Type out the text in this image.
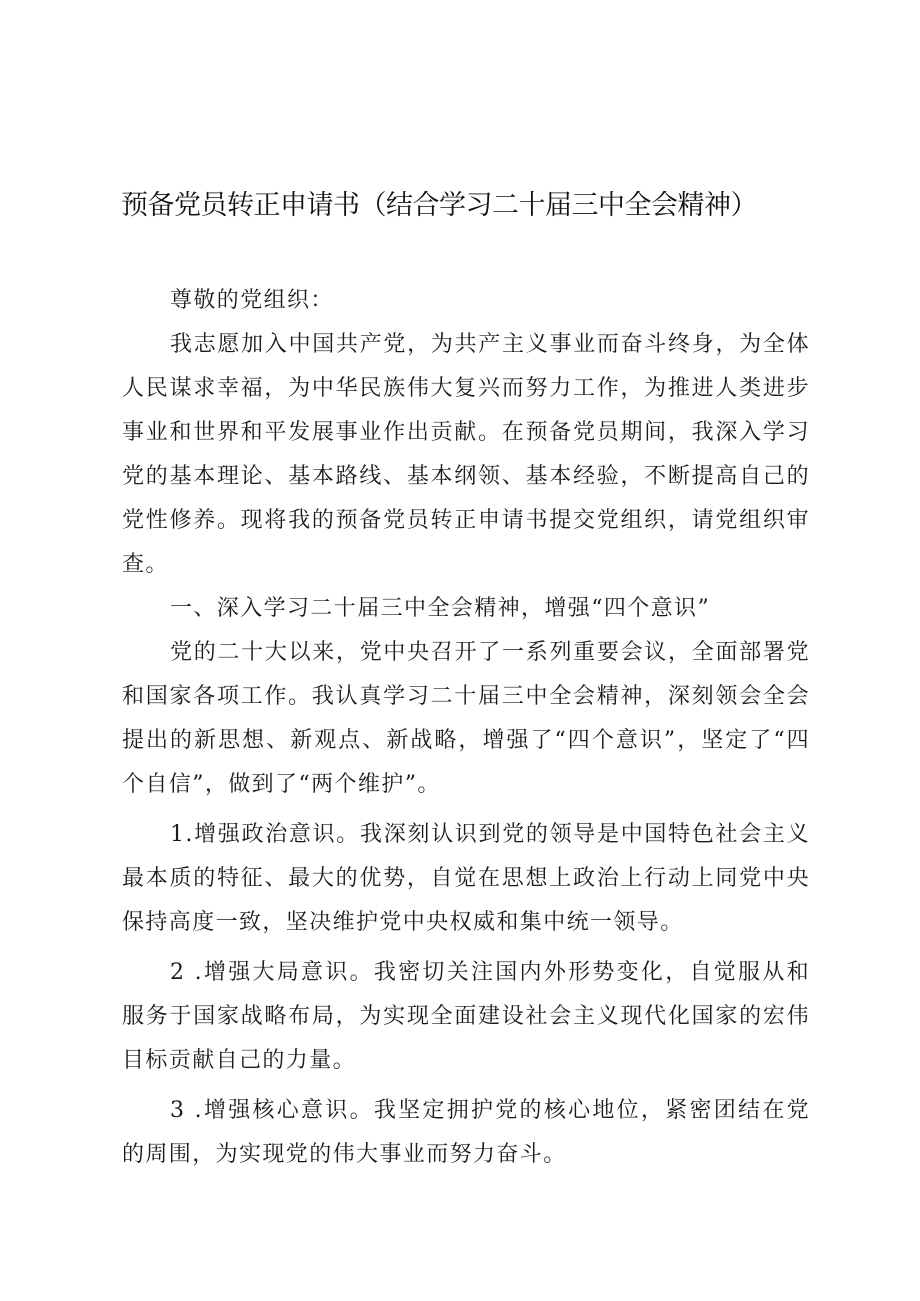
预备党员转正申请书（结合学习二十届三中全会精神）

尊敬的党组织：

我志愿加入中国共产党，为共产主义事业而奋斗终身，为全体人民谋求幸福，为中华民族伟大复兴而努力工作，为推进人类进步事业和世界和平发展事业作出贡献。在预备党员期间，我深入学习党的基本理论、基本路线、基本纲领、基本经验，不断提高自己的党性修养。现将我的预备党员转正申请书提交党组织，请党组织审查。

一、深入学习二十届三中全会精神，增强“四个意识”

党的二十大以来，党中央召开了一系列重要会议，全面部署党和国家各项工作。我认真学习二十届三中全会精神，深刻领会全会提出的新思想、新观点、新战略，增强了“四个意识”，坚定了“四个自信”，做到了“两个维护”。

1.增强政治意识。我深刻认识到党的领导是中国特色社会主义最本质的特征、最大的优势，自觉在思想上政治上行动上同党中央保持高度一致，坚决维护党中央权威和集中统一领导。

2 .增强大局意识。我密切关注国内外形势变化，自觉服从和服务于国家战略布局，为实现全面建设社会主义现代化国家的宏伟目标贡献自己的力量。

3 .增强核心意识。我坚定拥护党的核心地位，紧密团结在党的周围，为实现党的伟大事业而努力奋斗。
